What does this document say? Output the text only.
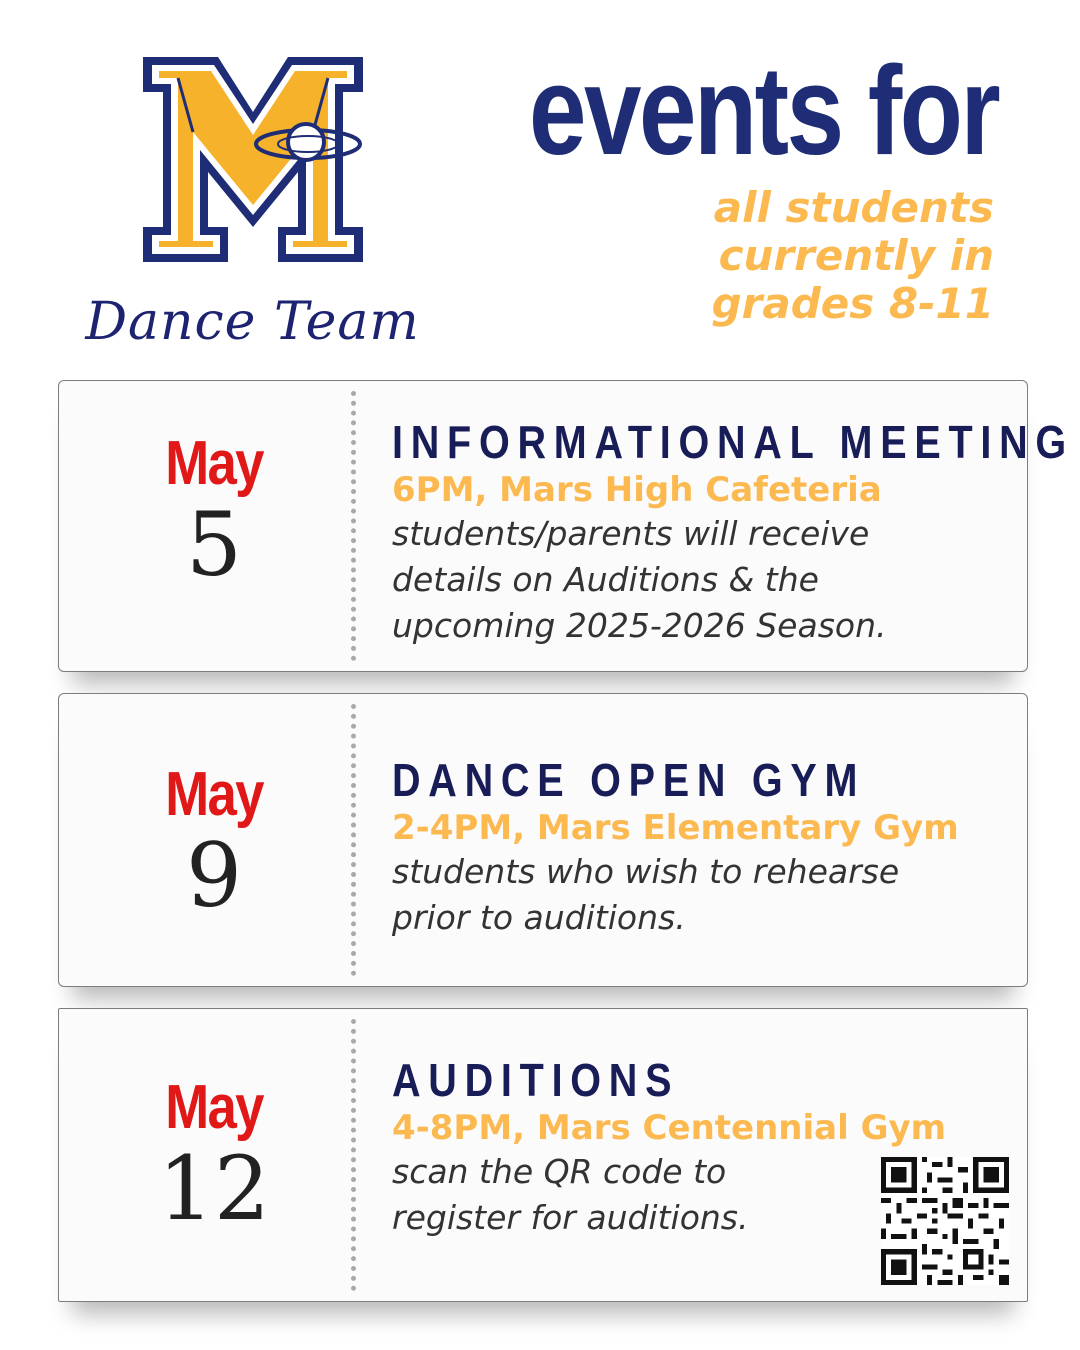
Dance Team
events for
all students
currently in
grades 8-11
May
5
INFORMATIONAL MEETING
6PM, Mars High Cafeteria
students/parents will receive
details on Auditions & the
upcoming 2025-2026 Season.
May
9
DANCE OPEN GYM
2-4PM, Mars Elementary Gym
students who wish to rehearse
prior to auditions.
May
12
AUDITIONS
4-8PM, Mars Centennial Gym
scan the QR code to
register for auditions.
